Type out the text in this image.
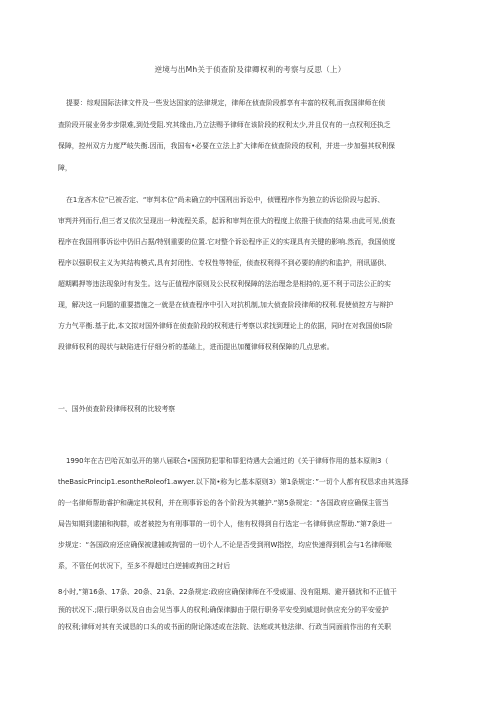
逆境与出Mh关于侦查阶及律卿权利的考察与反思（上）
提要：综观国际法律文件及一些发达国家的法律规定，律师在侦查阶段都享有丰富的权利,而我国律师在侦
查阶段开展业务步步限难,到处受阻.究其缘由,乃立法赐予律师在该阶段的权利太少,并且仅有的一点权利还执乏
保障，控州双方力度严岐失衡.因而，我国布•必要在立法上扩大律师在侦查阶段的权利，并进一步加强其权利保
障，
在1龙吝木位”已被否定、“审判本位”尚未确立的中国刑出诉讼中，侦锂程序作为独立的诉讼阶段与起诉、
审判并列而行,但三者又依次呈现出一种流程关系，起诉和审判在很大的程度上依推于侦查的结果.由此可见,侦查
程序在我国刑事诉讼中仍旧占据/特别重要的位置.它对整个诉讼程序正义的实现具有关键的影响.然而，我国侦度
程序以强职权主义为其结构模式,具有封闭性、专权性等特征，侦查权利得不到必要的削约和监护，刑讯逼供、
超期羁押等违法现象时有发生。这与正值程序原则及公民权利保障的法治理念是相持的,更不利于司法公正的实
现，解决这一问题的重要措施之一就是在侦查程序中引入对抗机制,加大侦查阶段律师的权利.促使侦控方与辩护
方力气平衡.基于此,本文拟对国外律师在侦查阶段的权利进行考察以求找到理论上的依据，同时在对我国侦IS阶
段律师权利的现状与缺陷进行仔细分析的基础上，进而提出加覆律师权利保障的几点思索。
一、国外侦查阶段律师权利的比较考察
1990年在古巴哈瓦如弘开的第八届联合•国预防犯罪和罪犯待遇大会通过的《关于律师作用的基本原则3（
theBasicPrincip1.esontheRoleof1.awyer.以下简•称为匕基本原则3）第1条规定：”一切个人都有权恳求由其选择
的一名律师帮助睿护和确定其权利，并在刑事诉讼的各个阶段为其辘护.“第5条规定：“各国政府应确保主管当
局告知期到逮捕和拘群，或者被控为有刑事罪的一切个人，他有权得到自行选定一名律师供应帮助.”第7条进一
步规定：“各国政府还应确保被逮捕或拘留的一切个人,不论是否受到刑W指控，均应快速得到机会与1名律师账
系，不管任何状况下，至多不得超过白逆捕或拘田之时后
8小时,”第16条、17条、20条、21条、22条规定:政府应确保律师在不受威逼、没有阻期、避开骚扰和不正值干
预的状况下.;限行职务以及自由会见当事人的权利;确保律脚由于限行职务平安受到威退时供应充分的平安爱护
的权利;律师对其有关诚恳的口头的或书面的附论陈述或在法院、法庭或其他法律、行政当同面前作出的有关职
